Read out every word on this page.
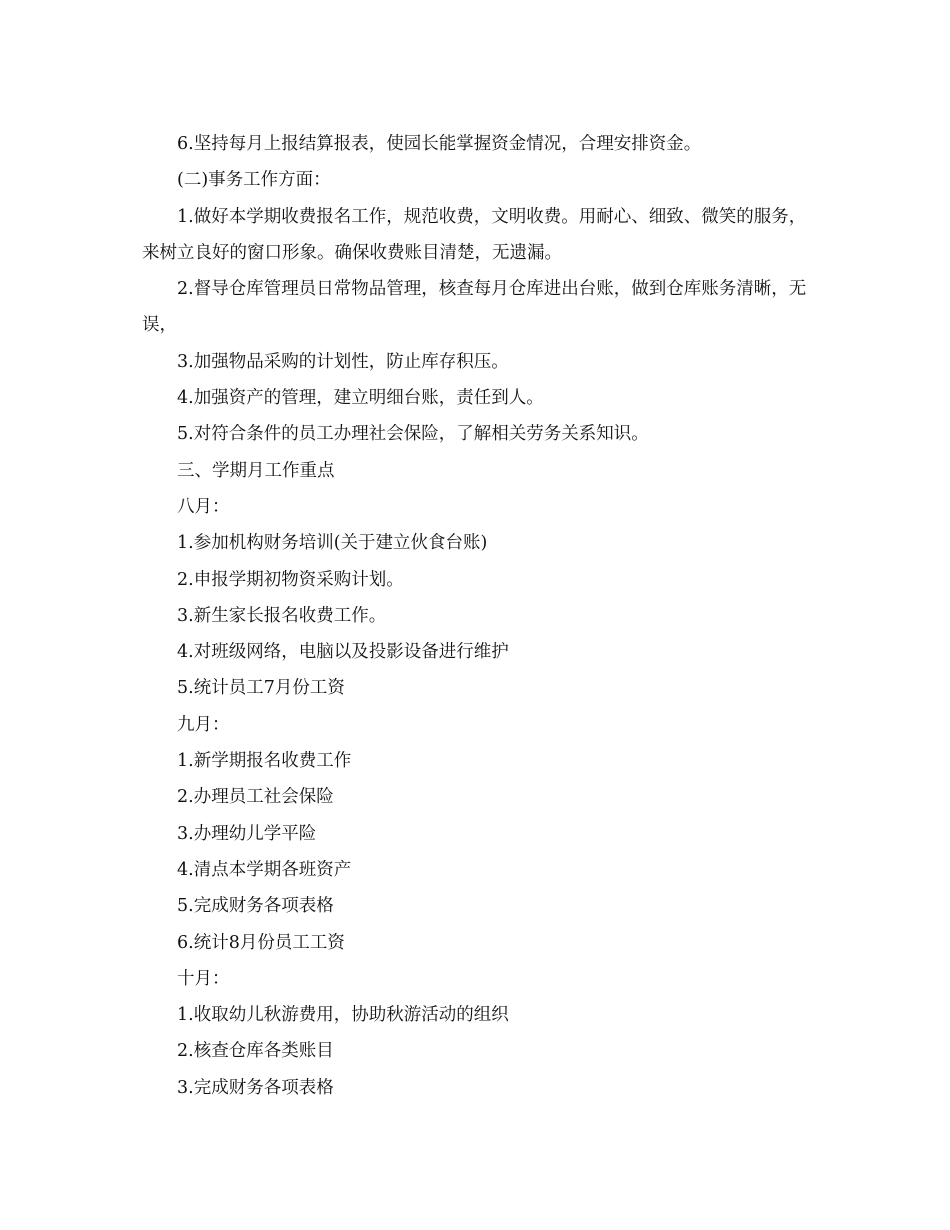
6.坚持每月上报结算报表，使园长能掌握资金情况，合理安排资金。

(二)事务工作方面：

1.做好本学期收费报名工作，规范收费，文明收费。用耐心、细致、微笑的服务，来树立良好的窗口形象。确保收费账目清楚，无遗漏。

2.督导仓库管理员日常物品管理，核查每月仓库进出台账，做到仓库账务清晰，无误，

3.加强物品采购的计划性，防止库存积压。

4.加强资产的管理，建立明细台账，责任到人。

5.对符合条件的员工办理社会保险，了解相关劳务关系知识。

三、学期月工作重点

八月：

1.参加机构财务培训(关于建立伙食台账)

2.申报学期初物资采购计划。

3.新生家长报名收费工作。

4.对班级网络，电脑以及投影设备进行维护

5.统计员工7月份工资

九月：

1.新学期报名收费工作

2.办理员工社会保险

3.办理幼儿学平险

4.清点本学期各班资产

5.完成财务各项表格

6.统计8月份员工工资

十月：

1.收取幼儿秋游费用，协助秋游活动的组织

2.核查仓库各类账目

3.完成财务各项表格
